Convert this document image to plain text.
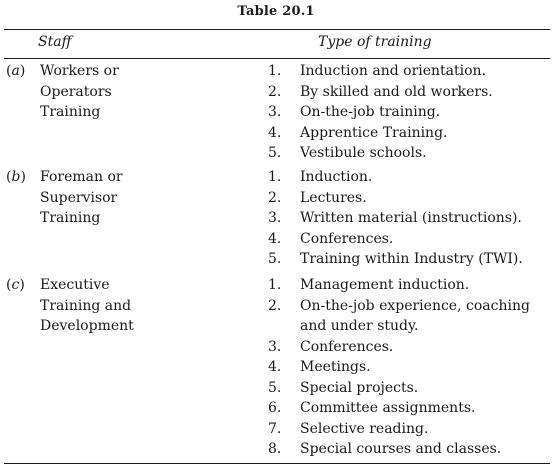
Table 20.1
Staff	Type of training
(a) Workers or
Operators
Training
1. Induction and orientation.
2. By skilled and old workers.
3. On-the-job training.
4. Apprentice Training.
5. Vestibule schools.
(b) Foreman or
Supervisor
Training
1. Induction.
2. Lectures.
3. Written material (instructions).
4. Conferences.
5. Training within Industry (TWI).
(c) Executive
Training and
Development
1. Management induction.
2. On-the-job experience, coaching
and under study.
3. Conferences.
4. Meetings.
5. Special projects.
6. Committee assignments.
7. Selective reading.
8. Special courses and classes.
